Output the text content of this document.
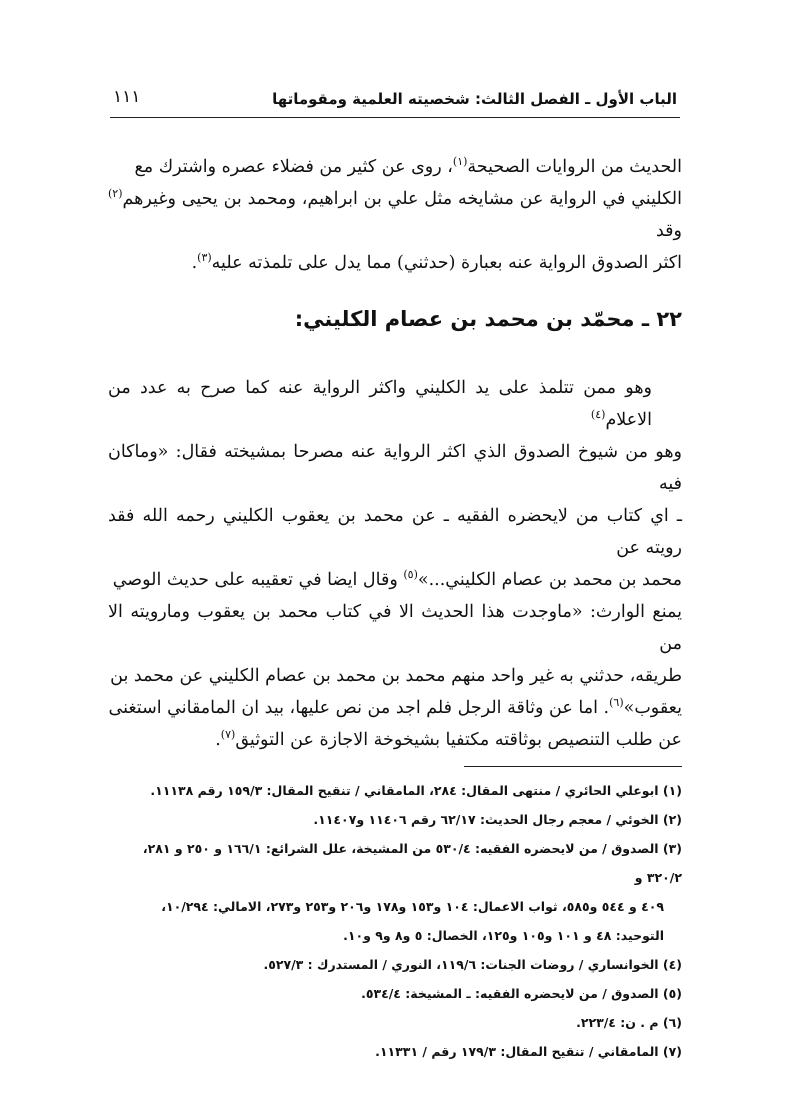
الباب الأول ـ الفصل الثالث: شخصيته العلمية ومقوماتها
١١١
الحديث من الروايات الصحيحة$^{(١)}$، روى عن كثير من فضلاء عصره واشترك مع
الكليني في الرواية عن مشايخه مثل علي بن ابراهيم، ومحمد بن يحيى وغيرهم$^{(٢)}$ وقد
اكثر الصدوق الرواية عنه بعبارة (حدثني) مما يدل على تلمذته عليه$^{(٣)}$.
٢٢ ـ محمّد بن محمد بن عصام الكليني:
وهو ممن تتلمذ على يد الكليني واكثر الرواية عنه كما صرح به عدد من الاعلام$^{(٤)}$
وهو من شيوخ الصدوق الذي اكثر الرواية عنه مصرحا بمشيخته فقال: «وماكان فيه
ـ اي كتاب من لايحضره الفقيه ـ عن محمد بن يعقوب الكليني رحمه الله فقد رويته عن
محمد بن محمد بن عصام الكليني...»$^{(٥)}$ وقال ايضا في تعقيبه على حديث الوصي
يمنع الوارث: «ماوجدت هذا الحديث الا في كتاب محمد بن يعقوب ومارويته الا من
طريقه، حدثني به غير واحد منهم محمد بن محمد بن عصام الكليني عن محمد بن
يعقوب»$^{(٦)}$. اما عن وثاقة الرجل فلم اجد من نص عليها، بيد ان المامقاني استغنى
عن طلب التنصيص بوثاقته مكتفيا بشيخوخة الاجازة عن التوثيق$^{(٧)}$.
(١) ابوعلي الحائري / منتهى المقال: ٢٨٤، المامقاني / تنقيح المقال: ١٥٩/٣ رقم ١١١٣٨.
(٢) الخوئي / معجم رجال الحديث: ٦٢/١٧ رقم ١١٤٠٦ و١١٤٠٧.
(٣) الصدوق / من لايحضره الفقيه: ٥٣٠/٤ من المشيخة، علل الشرائع: ١٦٦/١ و ٢٥٠ و ٢٨١، ٣٢٠/٢ و
٤٠٩ و ٥٤٤ و٥٨٥، ثواب الاعمال: ١٠٤ و١٥٣ و١٧٨ و٢٠٦ و٢٥٣ و٢٧٣، الامالي: ١٠/٢٩٤،
التوحيد: ٤٨ و ١٠١ و١٠٥ و١٢٥، الخصال: ٥ و٨ و٩ و١٠.
(٤) الخوانساري / روضات الجنات: ١١٩/٦، النوري / المستدرك : ٥٢٧/٣.
(٥) الصدوق / من لايحضره الفقيه: ـ المشيخة: ٥٣٤/٤.
(٦) م . ن: ٢٢٣/٤.
(٧) المامقاني / تنقيح المقال: ١٧٩/٣ رقم / ١١٣٣١.
